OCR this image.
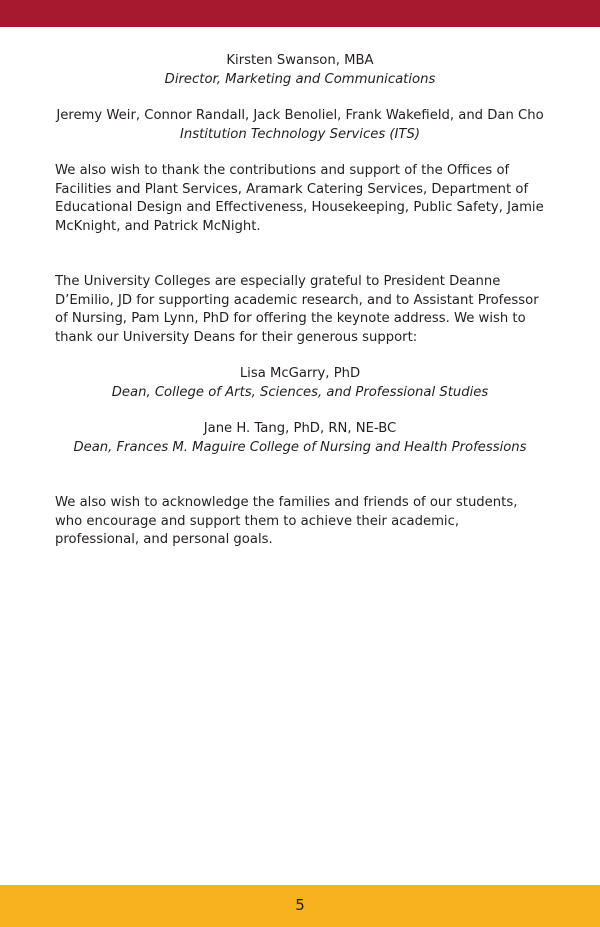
Kirsten Swanson, MBA

Director, Marketing and Communications

Jeremy Weir, Connor Randall, Jack Benoliel, Frank Wakefield, and Dan Cho

Institution Technology Services (ITS)

We also wish to thank the contributions and support of the Offices of Facilities and Plant Services, Aramark Catering Services, Department of Educational Design and Effectiveness, Housekeeping, Public Safety, Jamie McKnight, and Patrick McNight.

The University Colleges are especially grateful to President Deanne D’Emilio, JD for supporting academic research, and to Assistant Professor of Nursing, Pam Lynn, PhD for offering the keynote address. We wish to thank our University Deans for their generous support:

Lisa McGarry, PhD

Dean, College of Arts, Sciences, and Professional Studies

Jane H. Tang, PhD, RN, NE-BC

Dean, Frances M. Maguire College of Nursing and Health Professions

We also wish to acknowledge the families and friends of our students, who encourage and support them to achieve their academic, professional, and personal goals.

5
